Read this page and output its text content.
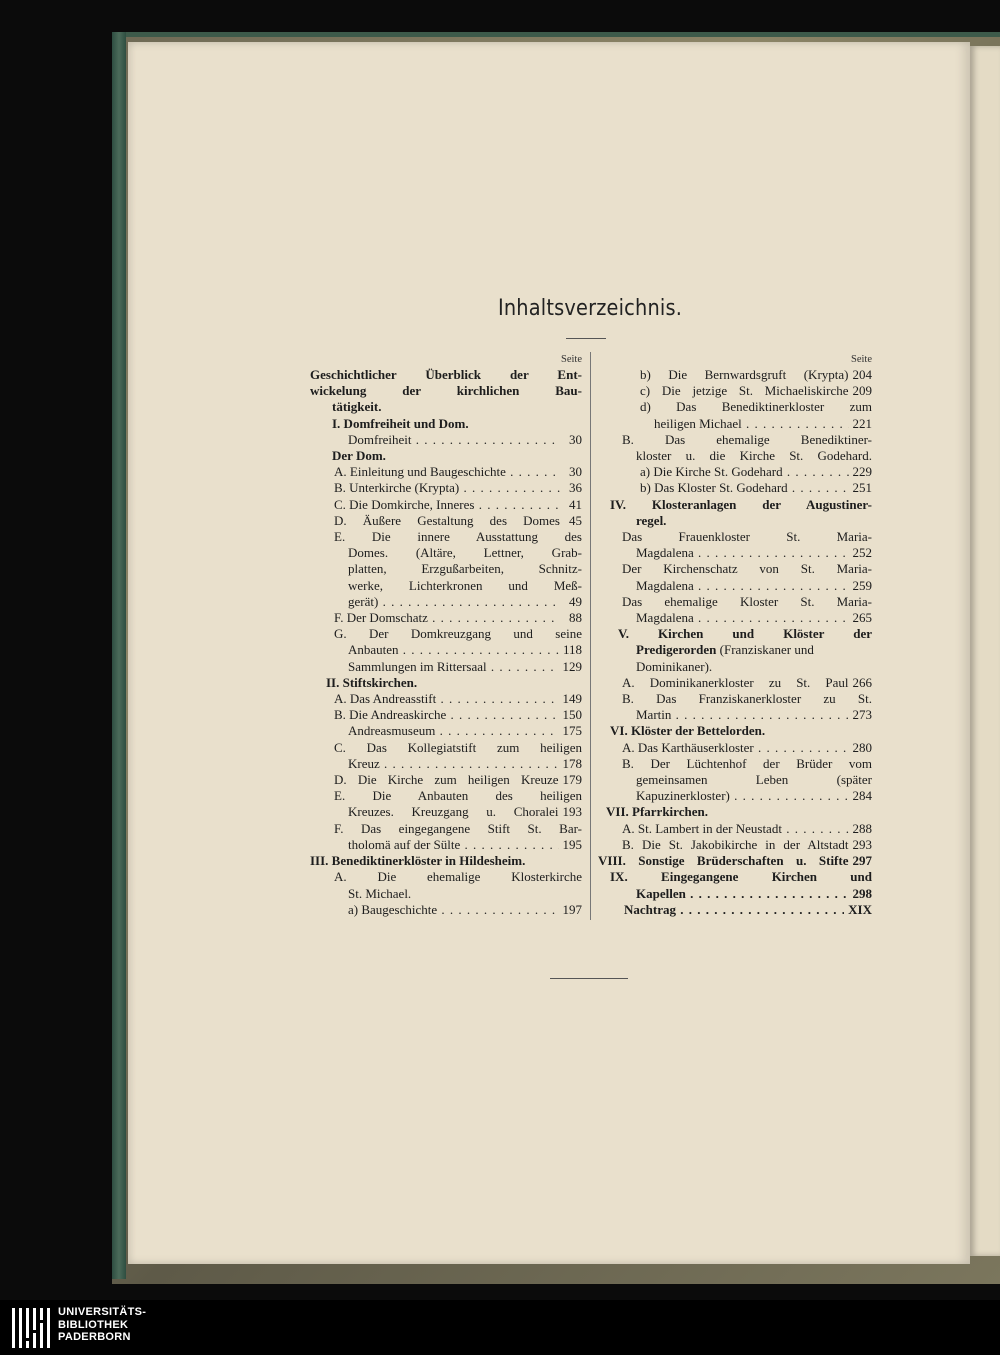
Inhaltsverzeichnis.
Seite
Geschichtlicher Überblick der Ent-
wickelung der kirchlichen Bau-
tätigkeit.
I. Domfreiheit und Dom.
Domfreiheit . . .	30
Der Dom.
A. Einleitung und Baugeschichte . . .	30
B. Unterkirche (Krypta) . . .	36
C. Die Domkirche, Inneres . . .	41
D. Äußere Gestaltung des Domes 45
E. Die innere Ausstattung des
Domes. (Altäre, Lettner, Grab-
platten, Erzgußarbeiten, Schnitz-
werke, Lichterkronen und Meß-
gerät) . . .	49
F. Der Domschatz . . .	88
G. Der Domkreuzgang und seine
Anbauten . . .	118
Sammlungen im Rittersaal . . .	129
II. Stiftskirchen.
A. Das Andreasstift . . .	149
B. Die Andreaskirche . . .	150
Andreasmuseum . . .	175
C. Das Kollegiatstift zum heiligen
Kreuz . . .	178
D. Die Kirche zum heiligen Kreuze 179
E. Die Anbauten des heiligen
Kreuzes. Kreuzgang u. Choralei 193
F. Das eingegangene Stift St. Bar-
tholomä auf der Sülte . . .	195
III. Benediktinerklöster in Hildesheim.
A. Die ehemalige Klosterkirche
St. Michael.
a) Baugeschichte . . .	197
Seite
b) Die Bernwardsgruft (Krypta) 204
c) Die jetzige St. Michaeliskirche 209
d) Das Benediktinerkloster zum
heiligen Michael . . .	221
B. Das ehemalige Benediktiner-
kloster u. die Kirche St. Godehard.
a) Die Kirche St. Godehard . . .	229
b) Das Kloster St. Godehard . . .	251
IV. Klosteranlagen der Augustiner-
regel.
Das Frauenkloster St. Maria-
Magdalena . . .	252
Der Kirchenschatz von St. Maria-
Magdalena . . .	259
Das ehemalige Kloster St. Maria-
Magdalena . . .	265
V. Kirchen und Klöster der
Predigerorden (Franziskaner und
Dominikaner).
A. Dominikanerkloster zu St. Paul 266
B. Das Franziskanerkloster zu St.
Martin . . .	273
VI. Klöster der Bettelorden.
A. Das Karthäuserkloster . . .	280
B. Der Lüchtenhof der Brüder vom
gemeinsamen Leben (später
Kapuzinerkloster) . . .	284
VII. Pfarrkirchen.
A. St. Lambert in der Neustadt . . .	288
B. Die St. Jakobikirche in der Altstadt 293
VIII. Sonstige Brüderschaften u. Stifte 297
IX. Eingegangene Kirchen und
Kapellen . . .	298
Nachtrag . . .	XIX
UNIVERSITÄTS-
BIBLIOTHEK
PADERBORN
